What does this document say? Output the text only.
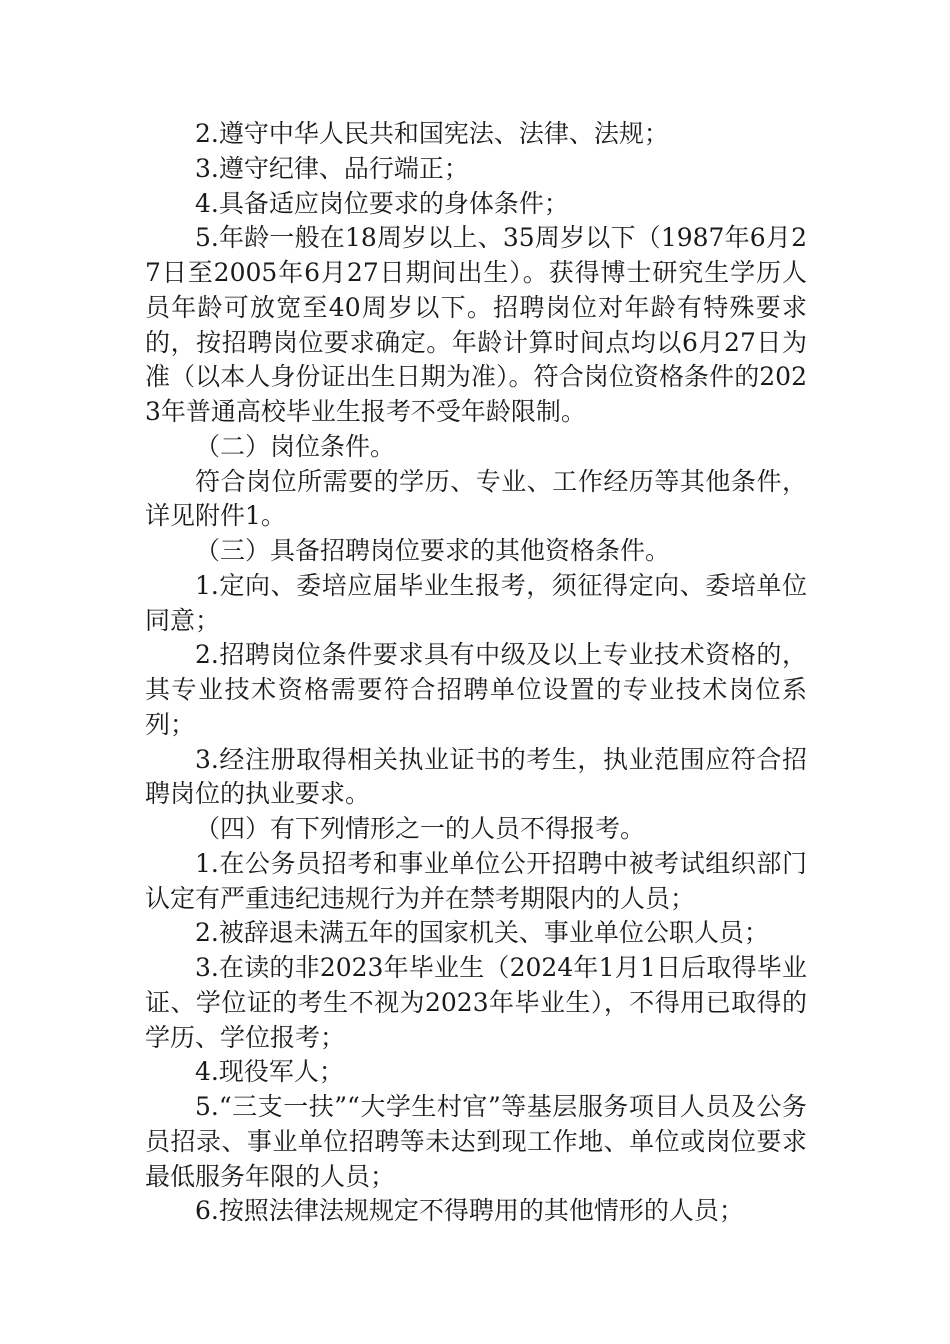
2.遵守中华人民共和国宪法、法律、法规；

3.遵守纪律、品行端正；

4.具备适应岗位要求的身体条件；

5.年龄一般在18周岁以上、35周岁以下（1987年6月27日至2005年6月27日期间出生）。获得博士研究生学历人员年龄可放宽至40周岁以下。招聘岗位对年龄有特殊要求的，按招聘岗位要求确定。年龄计算时间点均以6月27日为准（以本人身份证出生日期为准）。符合岗位资格条件的2023年普通高校毕业生报考不受年龄限制。

（二）岗位条件。

符合岗位所需要的学历、专业、工作经历等其他条件，详见附件1。

（三）具备招聘岗位要求的其他资格条件。

1.定向、委培应届毕业生报考，须征得定向、委培单位同意；

2.招聘岗位条件要求具有中级及以上专业技术资格的，其专业技术资格需要符合招聘单位设置的专业技术岗位系列；

3.经注册取得相关执业证书的考生，执业范围应符合招聘岗位的执业要求。

（四）有下列情形之一的人员不得报考。

1.在公务员招考和事业单位公开招聘中被考试组织部门认定有严重违纪违规行为并在禁考期限内的人员；

2.被辞退未满五年的国家机关、事业单位公职人员；

3.在读的非2023年毕业生（2024年1月1日后取得毕业证、学位证的考生不视为2023年毕业生），不得用已取得的学历、学位报考；

4.现役军人；

5.“三支一扶”“大学生村官”等基层服务项目人员及公务员招录、事业单位招聘等未达到现工作地、单位或岗位要求最低服务年限的人员；

6.按照法律法规规定不得聘用的其他情形的人员；
